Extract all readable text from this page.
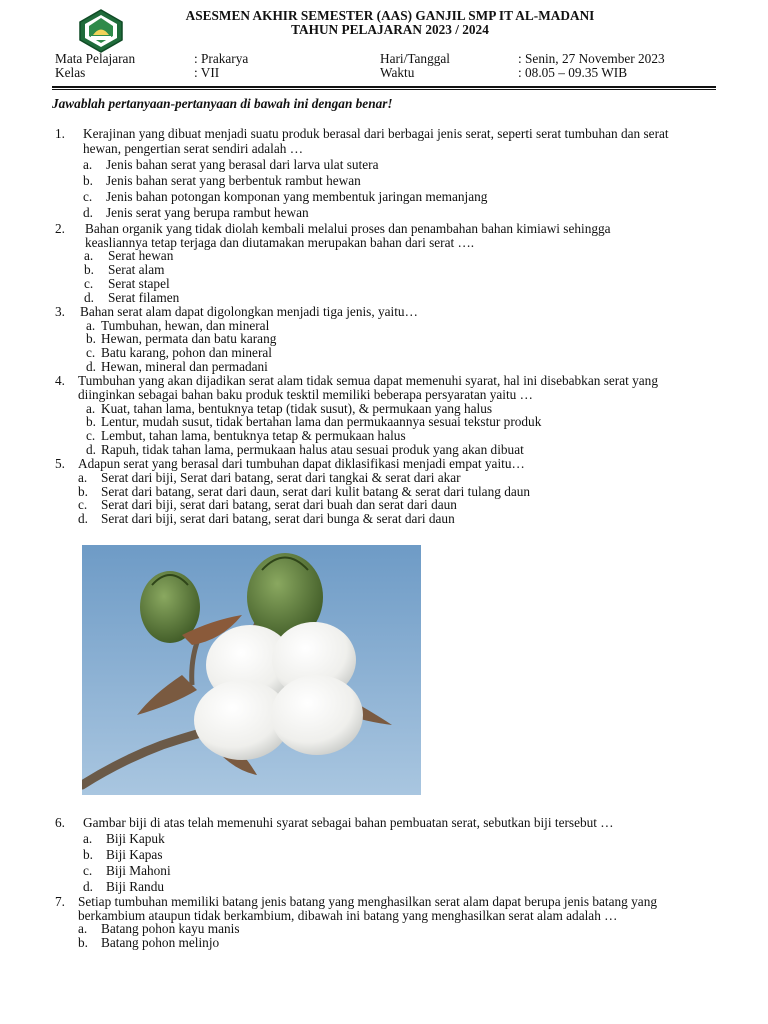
ASESMEN AKHIR SEMESTER (AAS) GANJIL SMP IT AL-MADANI
TAHUN PELAJARAN 2023 / 2024
Mata Pelajaran	: Prakarya
Kelas	: VII
Hari/Tanggal	: Senin, 27 November 2023
Waktu	: 08.05 – 09.35 WIB
Jawablah pertanyaan-pertanyaan di bawah ini dengan benar!
1. Kerajinan yang dibuat menjadi suatu produk berasal dari berbagai jenis serat, seperti serat tumbuhan dan serat
hewan, pengertian serat sendiri adalah …
a. Jenis bahan serat yang berasal dari larva ulat sutera
b. Jenis bahan serat yang berbentuk rambut hewan
c. Jenis bahan potongan komponan yang membentuk jaringan memanjang
d. Jenis serat yang berupa rambut hewan
2. Bahan organik yang tidak diolah kembali melalui proses dan penambahan bahan kimiawi sehingga
keasliannya tetap terjaga dan diutamakan merupakan bahan dari serat ….
a. Serat hewan
b. Serat alam
c. Serat stapel
d. Serat filamen
3. Bahan serat alam dapat digolongkan menjadi tiga jenis, yaitu…
a. Tumbuhan, hewan, dan mineral
b. Hewan, permata dan batu karang
c. Batu karang, pohon dan mineral
d. Hewan, mineral dan permadani
4. Tumbuhan yang akan dijadikan serat alam tidak semua dapat memenuhi syarat, hal ini disebabkan serat yang
diinginkan sebagai bahan baku produk tesktil memiliki beberapa persyaratan yaitu …
a. Kuat, tahan lama, bentuknya tetap (tidak susut), & permukaan yang halus
b. Lentur, mudah susut, tidak bertahan lama dan permukaannya sesuai tekstur produk
c. Lembut, tahan lama, bentuknya tetap & permukaan halus
d. Rapuh, tidak tahan lama, permukaan halus atau sesuai produk yang akan dibuat
5. Adapun serat yang berasal dari tumbuhan dapat diklasifikasi menjadi empat yaitu…
a. Serat dari biji, Serat dari batang, serat dari tangkai & serat dari akar
b. Serat dari batang, serat dari daun, serat dari kulit batang & serat dari tulang daun
c. Serat dari biji, serat dari batang, serat dari buah dan serat dari daun
d. Serat dari biji, serat dari batang, serat dari bunga & serat dari daun
6. Gambar biji di atas telah memenuhi syarat sebagai bahan pembuatan serat, sebutkan biji tersebut …
a. Biji Kapuk
b. Biji Kapas
c. Biji Mahoni
d. Biji Randu
7. Setiap tumbuhan memiliki batang jenis batang yang menghasilkan serat alam dapat berupa jenis batang yang
berkambium ataupun tidak berkambium, dibawah ini batang yang menghasilkan serat alam adalah …
a. Batang pohon kayu manis
b. Batang pohon melinjo
